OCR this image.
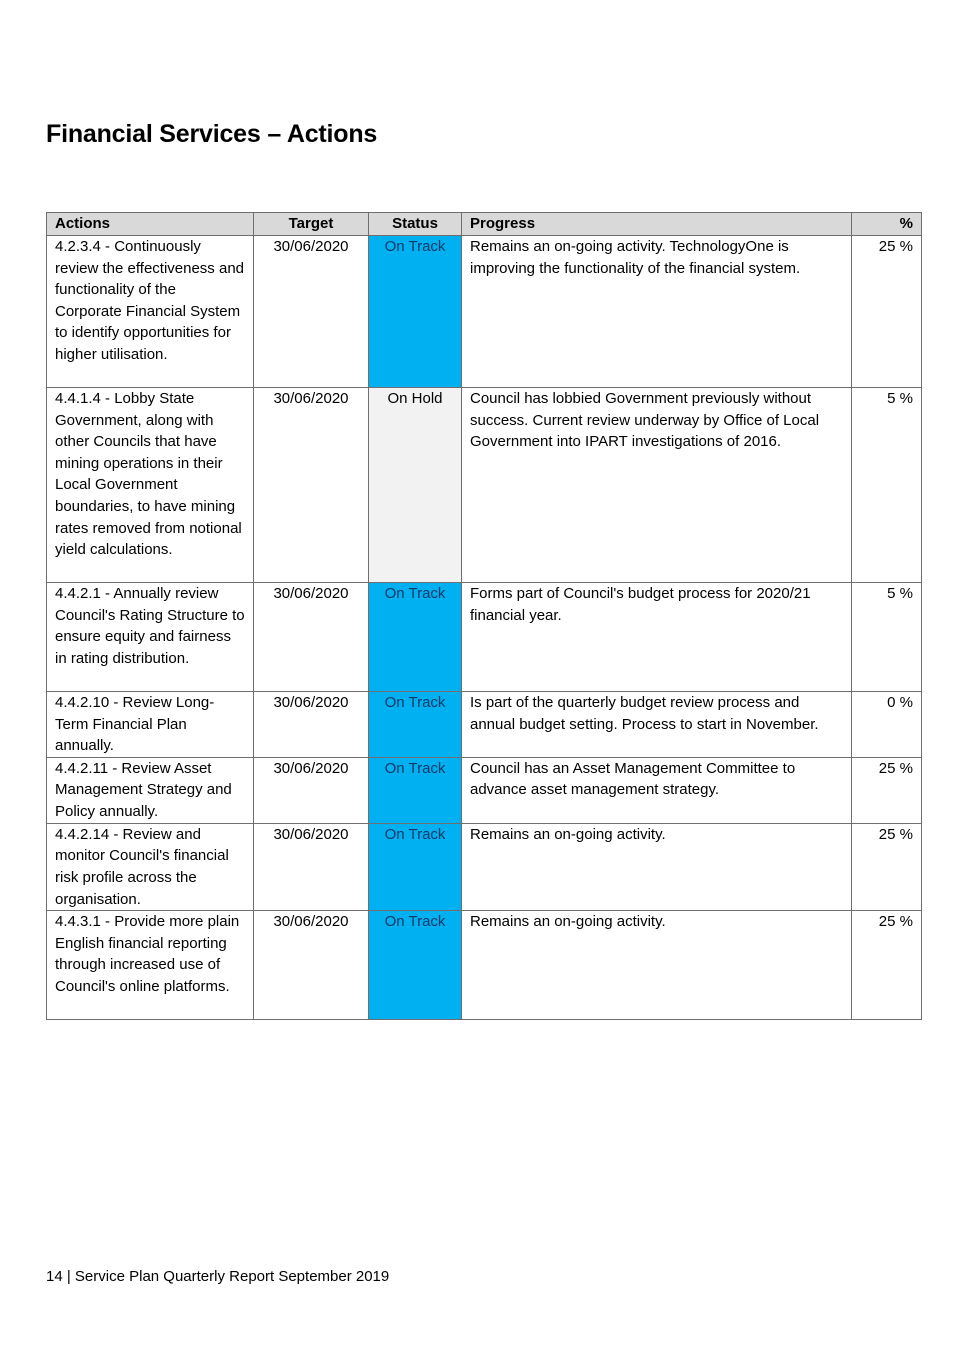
Financial Services – Actions
Actions	Target	Status	Progress	%
4.2.3.4 - Continuously review the effectiveness and functionality of the Corporate Financial System to identify opportunities for higher utilisation.	30/06/2020	On Track	Remains an on-going activity. TechnologyOne is improving the functionality of the financial system.	25 %
4.4.1.4 - Lobby State Government, along with other Councils that have mining operations in their Local Government boundaries, to have mining rates removed from notional yield calculations.	30/06/2020	On Hold	Council has lobbied Government previously without success. Current review underway by Office of Local Government into IPART investigations of 2016.	5 %
4.4.2.1 - Annually review Council's Rating Structure to ensure equity and fairness in rating distribution.	30/06/2020	On Track	Forms part of Council's budget process for 2020/21 financial year.	5 %
4.4.2.10 - Review Long-Term Financial Plan annually.	30/06/2020	On Track	Is part of the quarterly budget review process and annual budget setting. Process to start in November.	0 %
4.4.2.11 - Review Asset Management Strategy and Policy annually.	30/06/2020	On Track	Council has an Asset Management Committee to advance asset management strategy.	25 %
4.4.2.14 - Review and monitor Council's financial risk profile across the organisation.	30/06/2020	On Track	Remains an on-going activity.	25 %
4.4.3.1 - Provide more plain English financial reporting through increased use of Council's online platforms.	30/06/2020	On Track	Remains an on-going activity.	25 %

14 | Service Plan Quarterly Report September 2019
